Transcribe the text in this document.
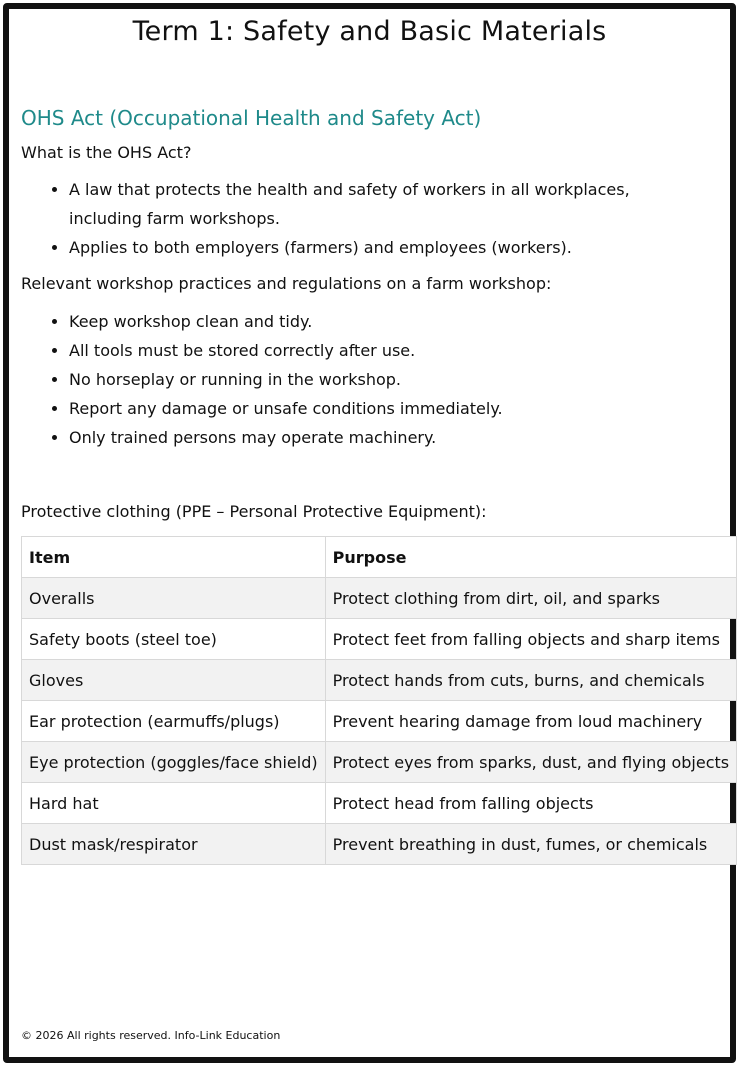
Term 1: Safety and Basic Materials
OHS Act (Occupational Health and Safety Act)
What is the OHS Act?
• A law that protects the health and safety of workers in all workplaces, including farm workshops.
• Applies to both employers (farmers) and employees (workers).
Relevant workshop practices and regulations on a farm workshop:
• Keep workshop clean and tidy.
• All tools must be stored correctly after use.
• No horseplay or running in the workshop.
• Report any damage or unsafe conditions immediately.
• Only trained persons may operate machinery.
Protective clothing (PPE – Personal Protective Equipment):
Item	Purpose
Overalls	Protect clothing from dirt, oil, and sparks
Safety boots (steel toe)	Protect feet from falling objects and sharp items
Gloves	Protect hands from cuts, burns, and chemicals
Ear protection (earmuffs/plugs)	Prevent hearing damage from loud machinery
Eye protection (goggles/face shield)	Protect eyes from sparks, dust, and flying objects
Hard hat	Protect head from falling objects
Dust mask/respirator	Prevent breathing in dust, fumes, or chemicals
© 2026 All rights reserved. Info-Link Education
